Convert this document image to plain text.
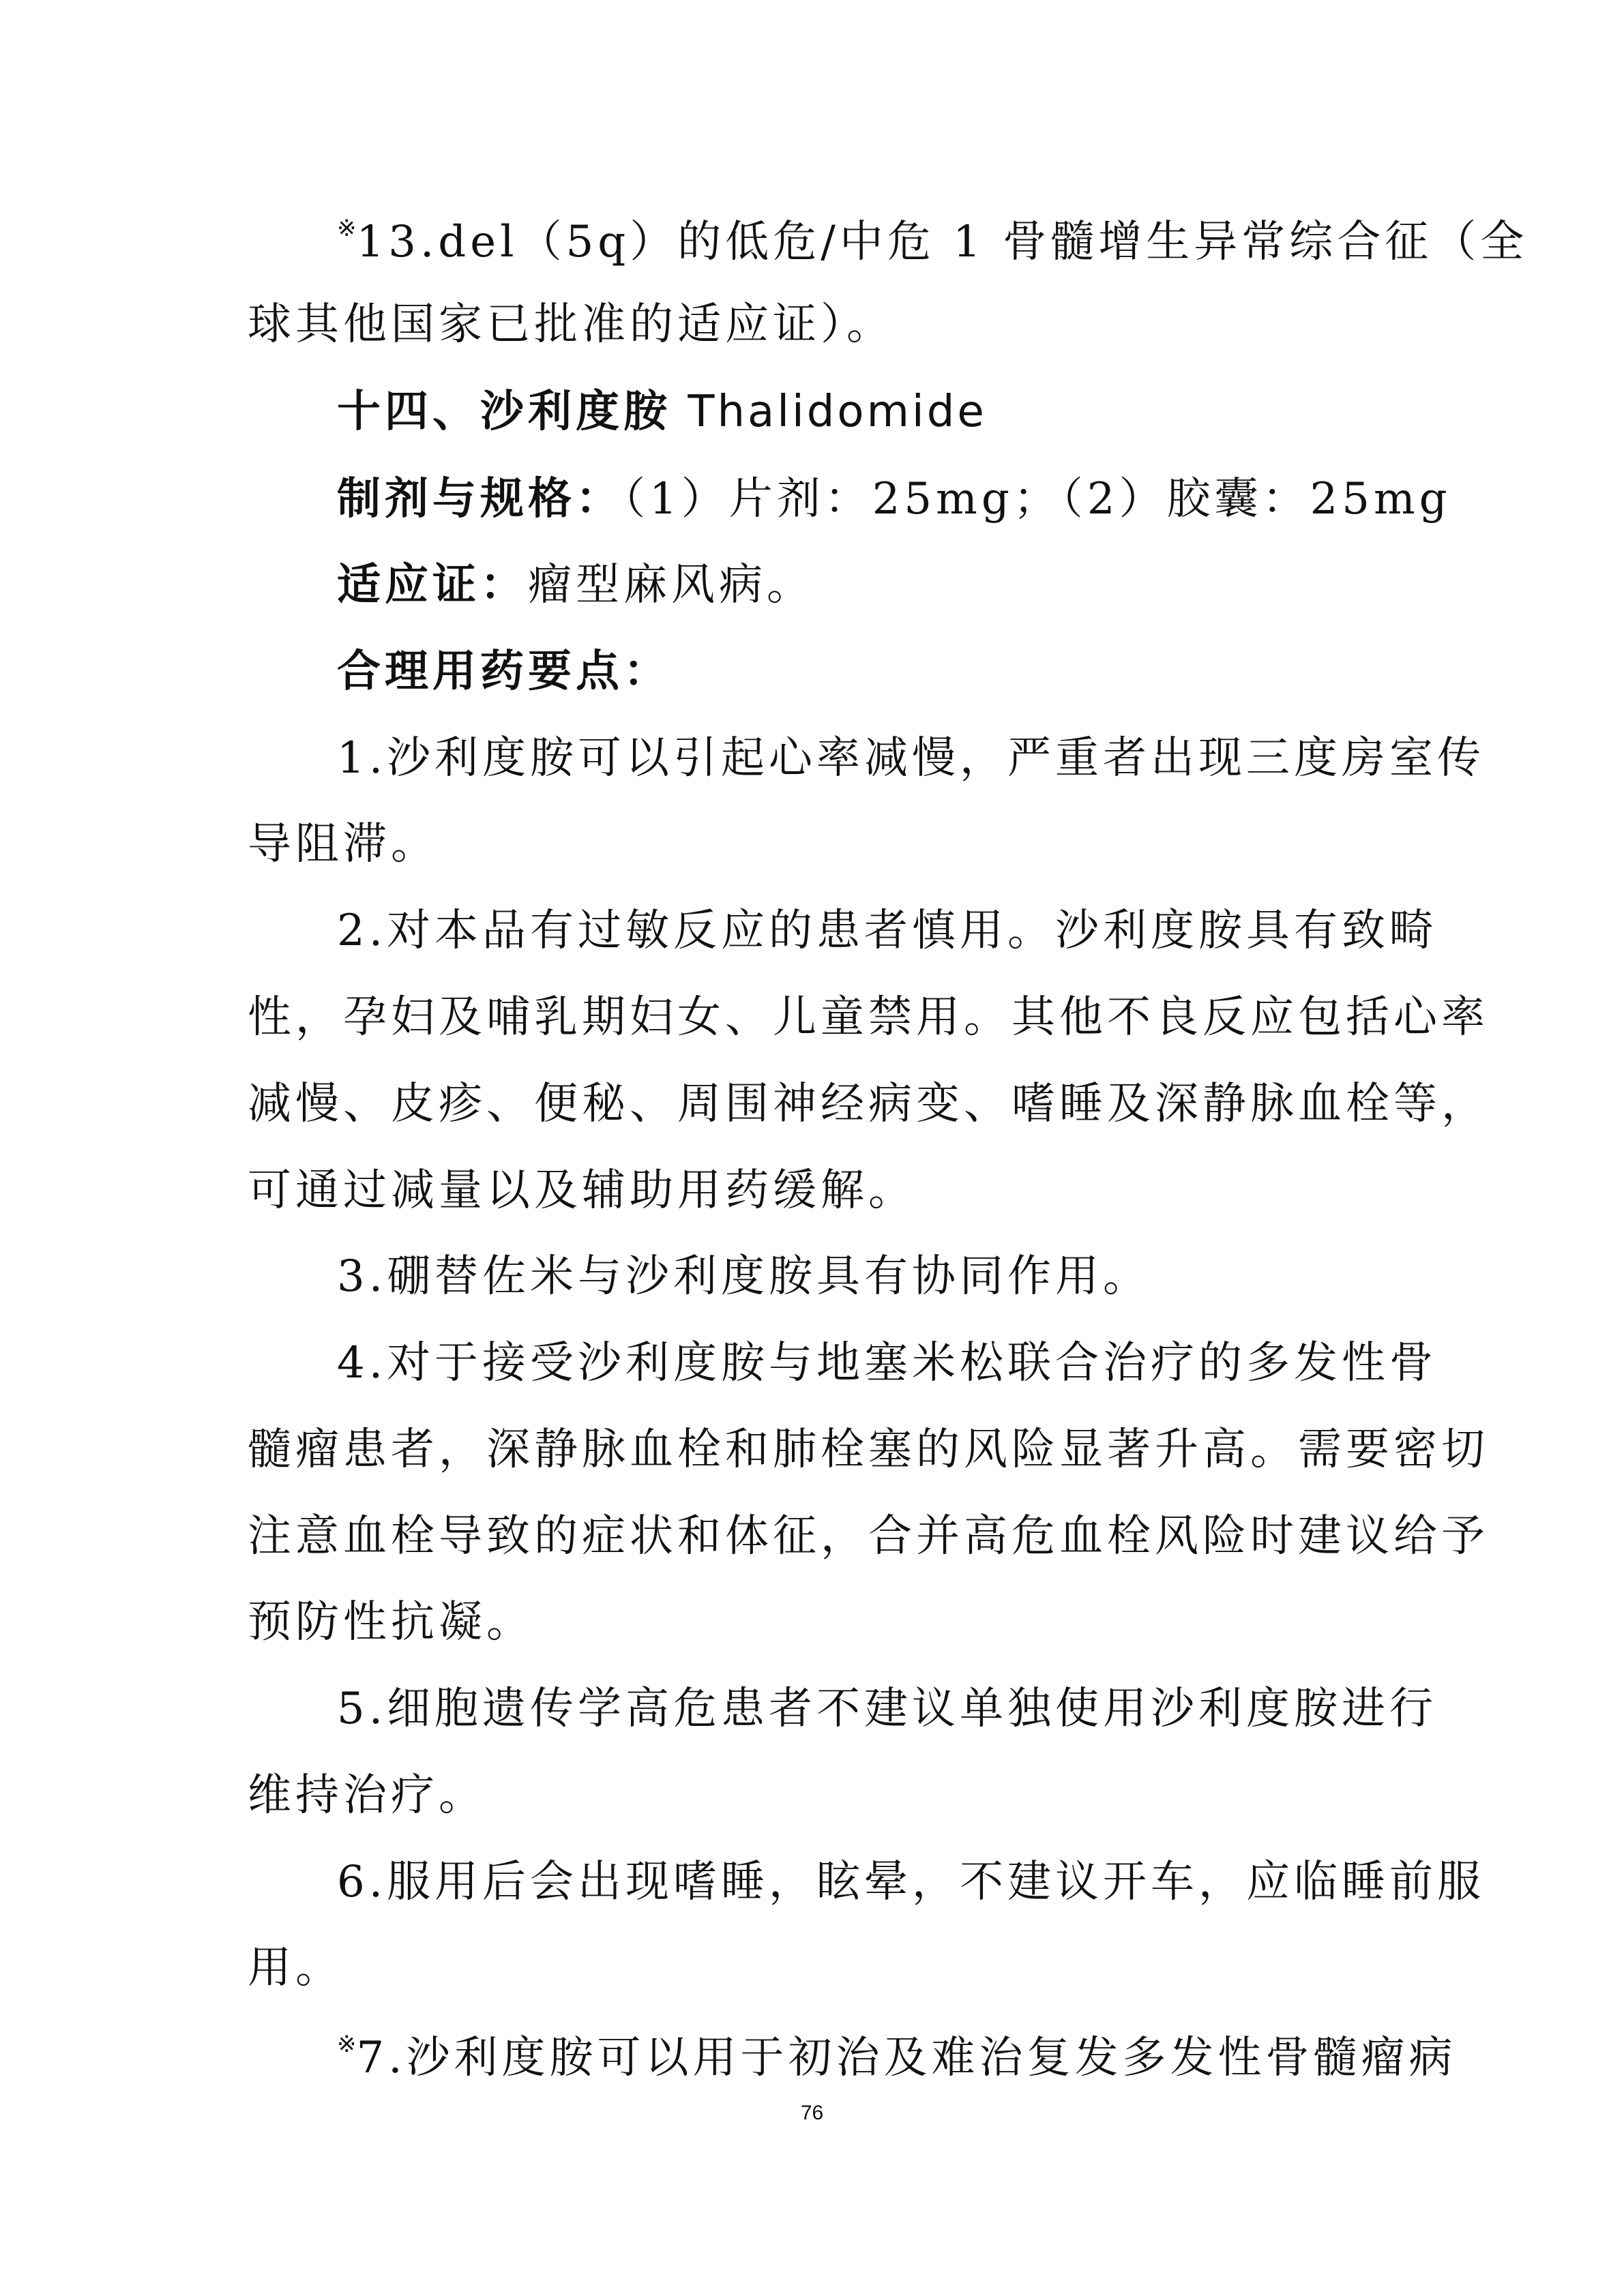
※13.del（5q）的低危/中危 1 骨髓增生异常综合征（全

球其他国家已批准的适应证）。

十四、沙利度胺 Thalidomide

制剂与规格：（1）片剂：25mg；（2）胶囊：25mg

适应证：瘤型麻风病。

合理用药要点：

1.沙利度胺可以引起心率减慢，严重者出现三度房室传

导阻滞。

2.对本品有过敏反应的患者慎用。沙利度胺具有致畸

性，孕妇及哺乳期妇女、儿童禁用。其他不良反应包括心率

减慢、皮疹、便秘、周围神经病变、嗜睡及深静脉血栓等，

可通过减量以及辅助用药缓解。

3.硼替佐米与沙利度胺具有协同作用。

4.对于接受沙利度胺与地塞米松联合治疗的多发性骨

髓瘤患者，深静脉血栓和肺栓塞的风险显著升高。需要密切

注意血栓导致的症状和体征，合并高危血栓风险时建议给予

预防性抗凝。

5.细胞遗传学高危患者不建议单独使用沙利度胺进行

维持治疗。

6.服用后会出现嗜睡，眩晕，不建议开车，应临睡前服

用。

※7.沙利度胺可以用于初治及难治复发多发性骨髓瘤病

76
